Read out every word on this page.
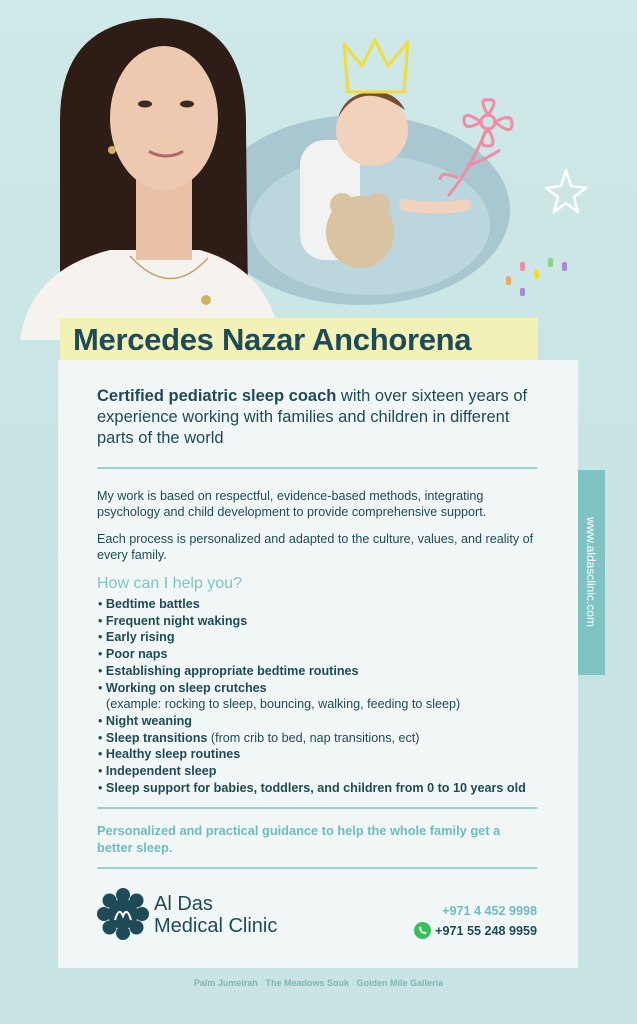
Mercedes Nazar Anchorena
Certified pediatric sleep coach with over sixteen years of experience working with families and children in different parts of the world
My work is based on respectful, evidence-based methods, integrating psychology and child development to provide comprehensive support.
Each process is personalized and adapted to the culture, values, and reality of every family.
How can I help you?
• Bedtime battles
• Frequent night wakings
• Early rising
• Poor naps
• Establishing appropriate bedtime routines
• Working on sleep crutches
(example: rocking to sleep, bouncing, walking, feeding to sleep)
• Night weaning
• Sleep transitions (from crib to bed, nap transitions, ect)
• Healthy sleep routines
• Independent sleep
• Sleep support for babies, toddlers, and children from 0 to 10 years old
Personalized and practical guidance to help the whole family get a better sleep.
Al Das
Medical Clinic
+971 4 452 9998
+971 55 248 9959
www.aldasclinic.com
Palm Jumeirah / The Meadows Souk / Golden Mile Galleria
